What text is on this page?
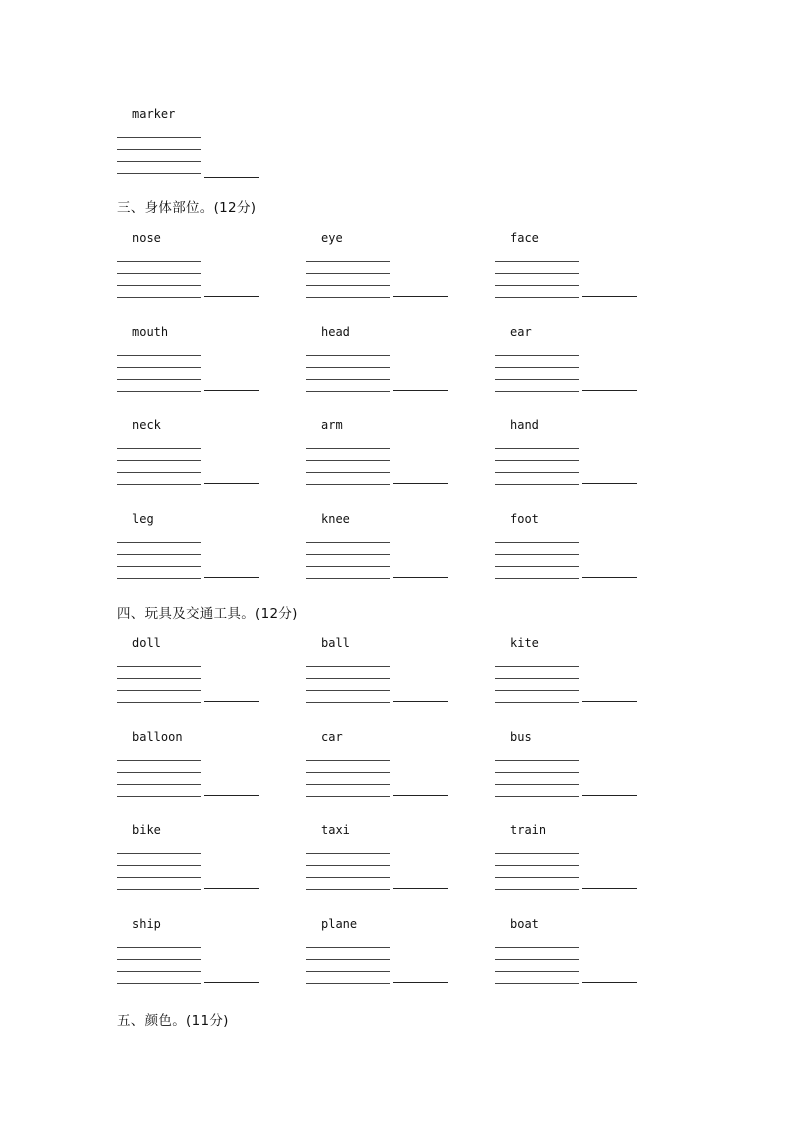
marker
三、身体部位。(12分)
nose	eye	face
mouth	head	ear
neck	arm	hand
leg	knee	foot
四、玩具及交通工具。(12分)
doll	ball	kite
balloon	car	bus
bike	taxi	train
ship	plane	boat
五、颜色。(11分)
